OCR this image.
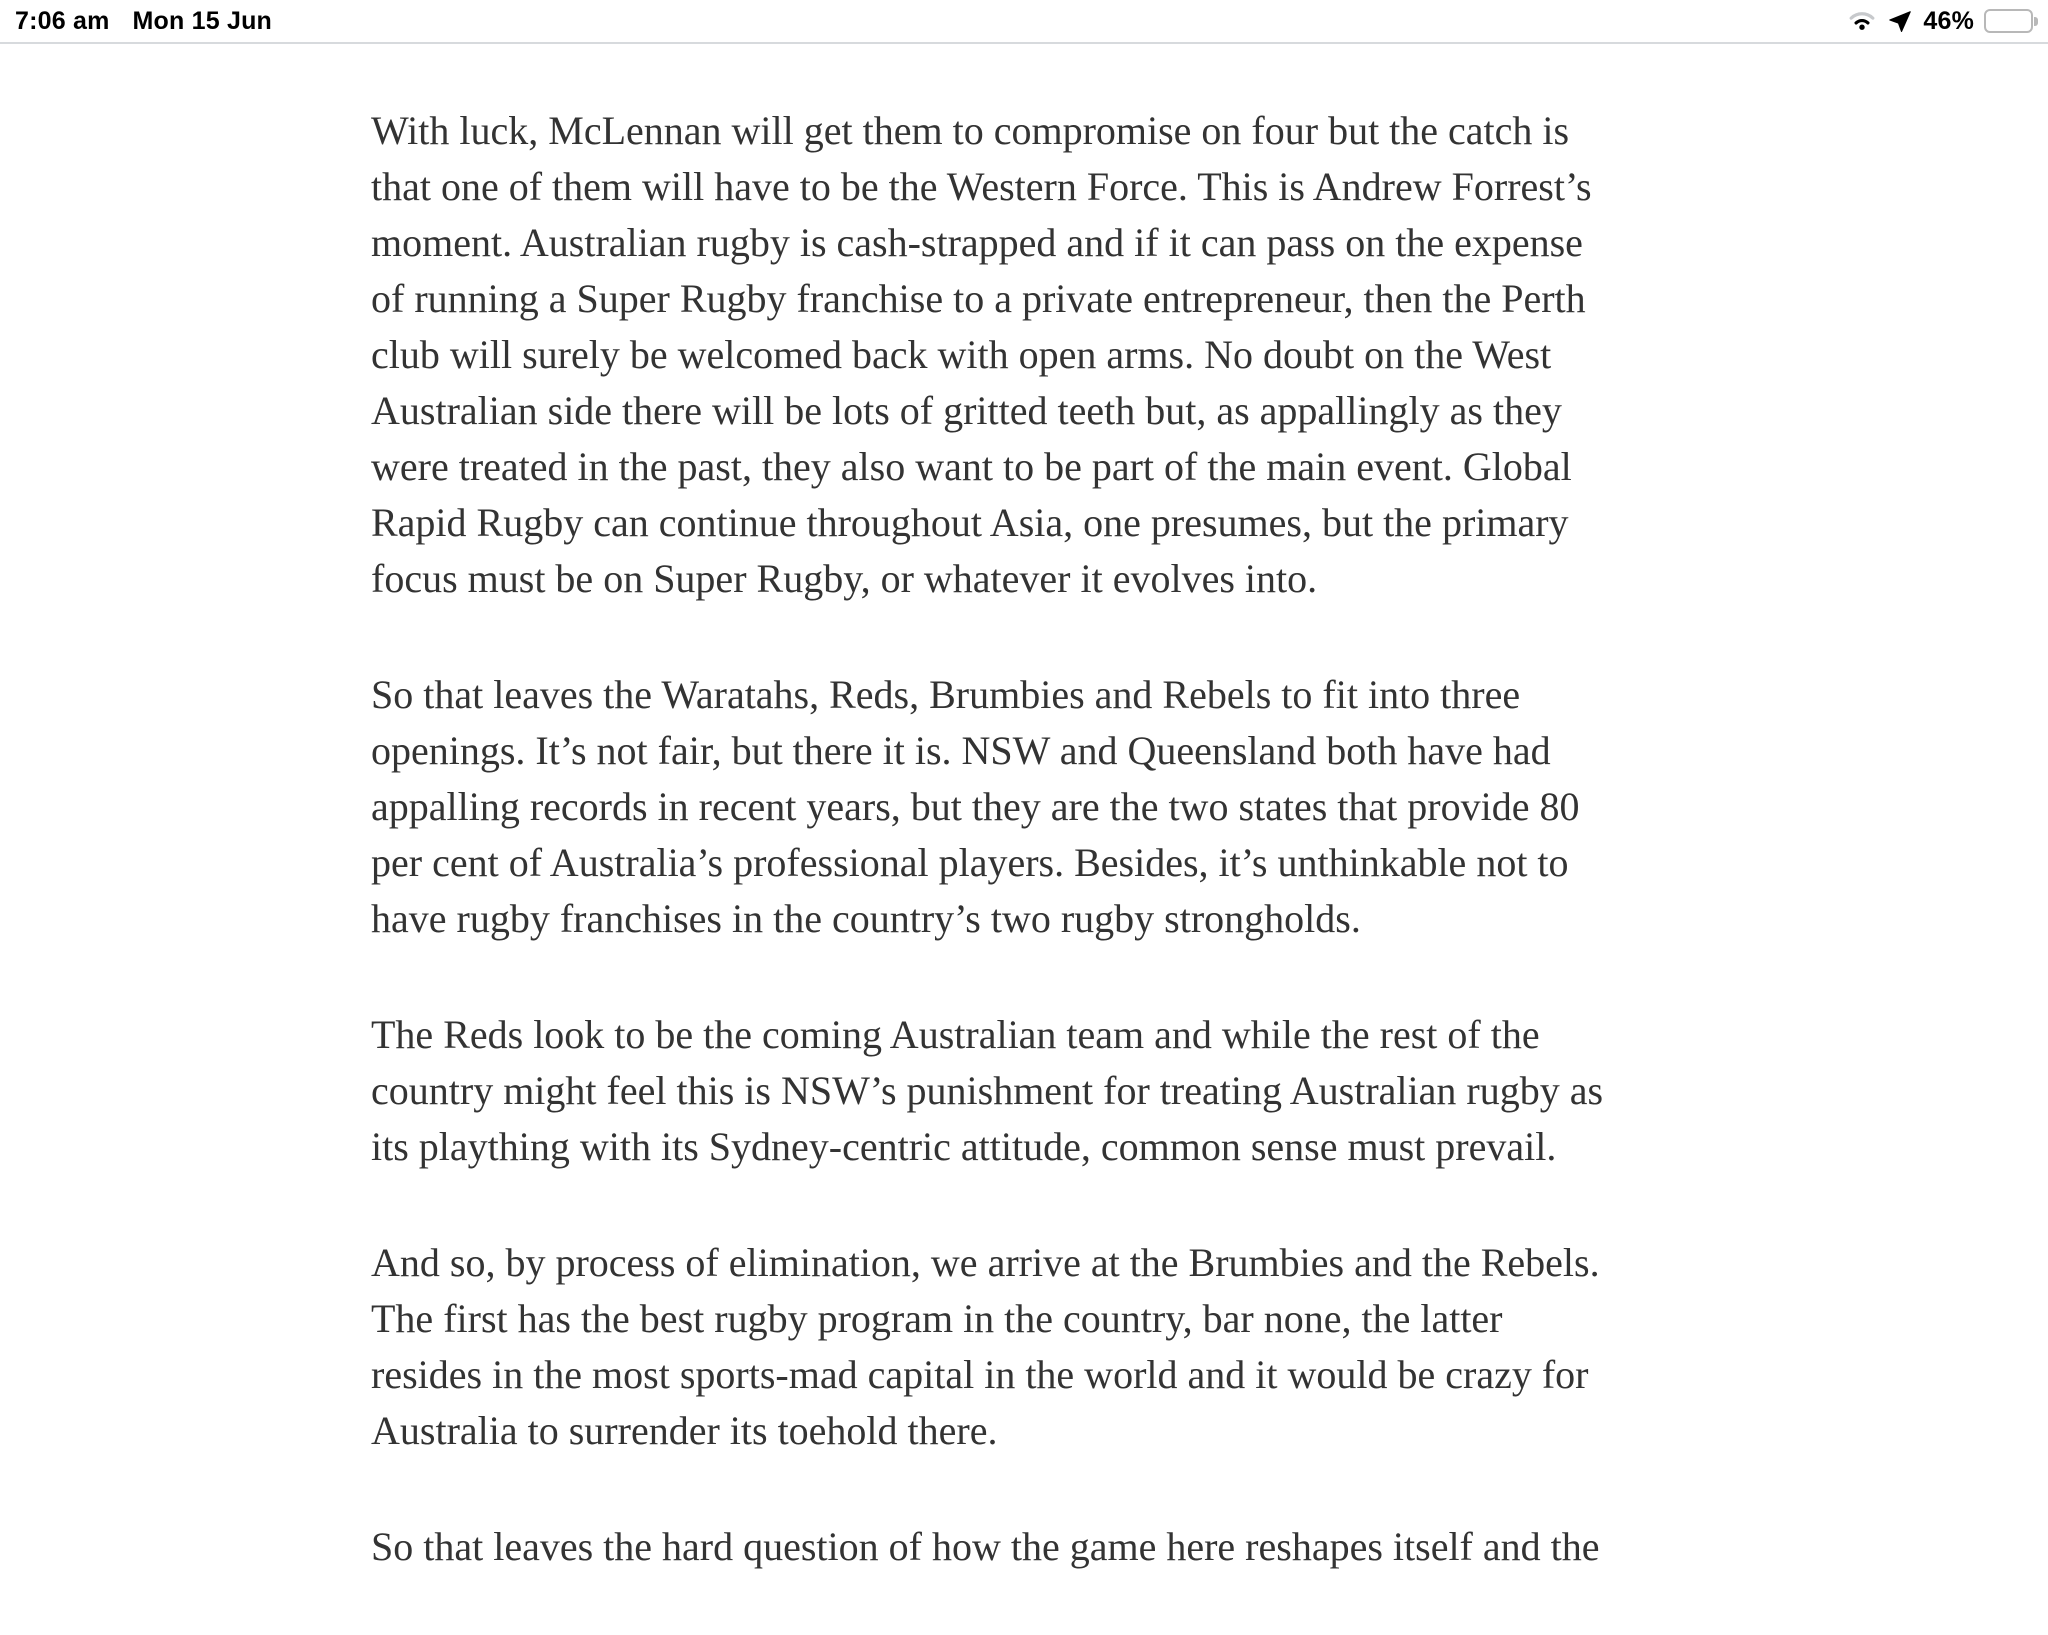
7:06 am Mon 15 Jun	46%
With luck, McLennan will get them to compromise on four but the catch is
that one of them will have to be the Western Force. This is Andrew Forrest’s
moment. Australian rugby is cash-strapped and if it can pass on the expense
of running a Super Rugby franchise to a private entrepreneur, then the Perth
club will surely be welcomed back with open arms. No doubt on the West
Australian side there will be lots of gritted teeth but, as appallingly as they
were treated in the past, they also want to be part of the main event. Global
Rapid Rugby can continue throughout Asia, one presumes, but the primary
focus must be on Super Rugby, or whatever it evolves into.
So that leaves the Waratahs, Reds, Brumbies and Rebels to fit into three
openings. It’s not fair, but there it is. NSW and Queensland both have had
appalling records in recent years, but they are the two states that provide 80
per cent of Australia’s professional players. Besides, it’s unthinkable not to
have rugby franchises in the country’s two rugby strongholds.
The Reds look to be the coming Australian team and while the rest of the
country might feel this is NSW’s punishment for treating Australian rugby as
its plaything with its Sydney-centric attitude, common sense must prevail.
And so, by process of elimination, we arrive at the Brumbies and the Rebels.
The first has the best rugby program in the country, bar none, the latter
resides in the most sports-mad capital in the world and it would be crazy for
Australia to surrender its toehold there.
So that leaves the hard question of how the game here reshapes itself and the
